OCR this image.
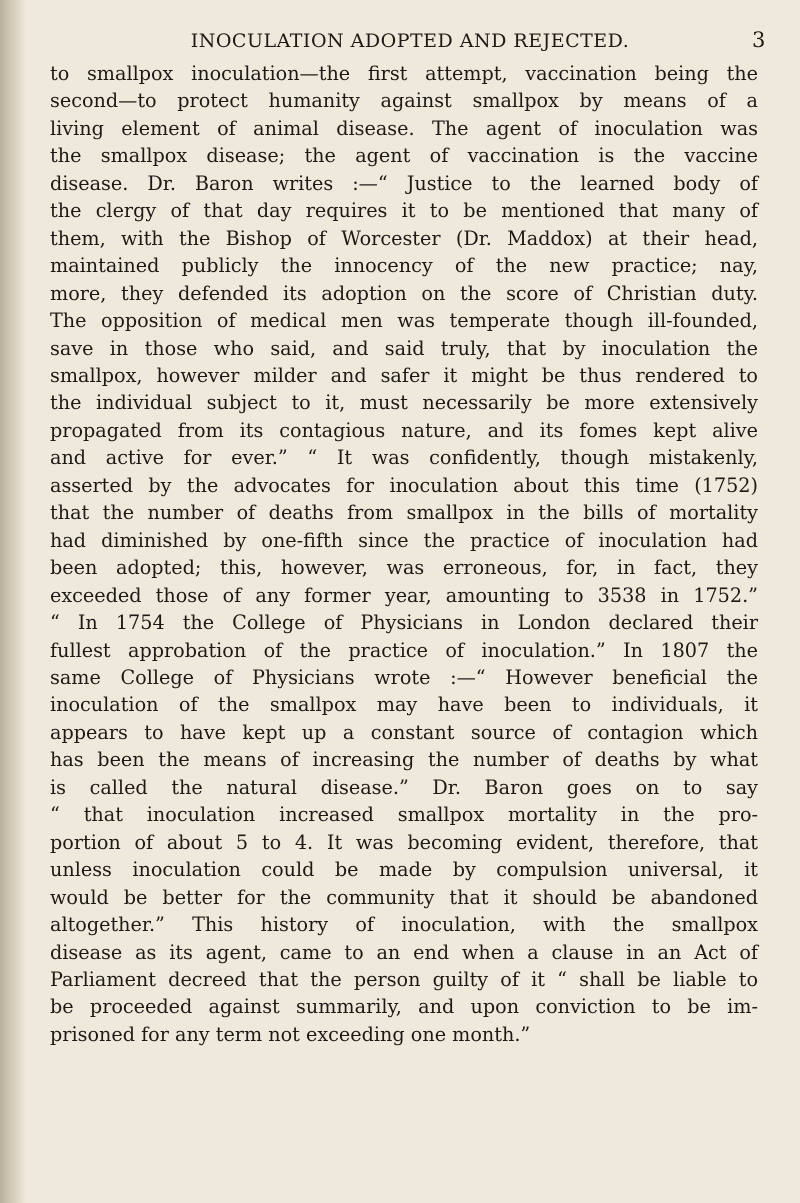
INOCULATION ADOPTED AND REJECTED.	3
to smallpox inoculation—the first attempt, vaccination being the
second—to protect humanity against smallpox by means of a
living element of animal disease. The agent of inoculation was
the smallpox disease; the agent of vaccination is the vaccine
disease. Dr. Baron writes :—“ Justice to the learned body of
the clergy of that day requires it to be mentioned that many of
them, with the Bishop of Worcester (Dr. Maddox) at their head,
maintained publicly the innocency of the new practice; nay,
more, they defended its adoption on the score of Christian duty.
The opposition of medical men was temperate though ill-founded,
save in those who said, and said truly, that by inoculation the
smallpox, however milder and safer it might be thus rendered to
the individual subject to it, must necessarily be more extensively
propagated from its contagious nature, and its fomes kept alive
and active for ever.” “ It was confidently, though mistakenly,
asserted by the advocates for inoculation about this time (1752)
that the number of deaths from smallpox in the bills of mortality
had diminished by one-fifth since the practice of inoculation had
been adopted; this, however, was erroneous, for, in fact, they
exceeded those of any former year, amounting to 3538 in 1752.”
“ In 1754 the College of Physicians in London declared their
fullest approbation of the practice of inoculation.” In 1807 the
same College of Physicians wrote :—“ However beneficial the
inoculation of the smallpox may have been to individuals, it
appears to have kept up a constant source of contagion which
has been the means of increasing the number of deaths by what
is called the natural disease.” Dr. Baron goes on to say
“ that inoculation increased smallpox mortality in the pro-
portion of about 5 to 4. It was becoming evident, therefore, that
unless inoculation could be made by compulsion universal, it
would be better for the community that it should be abandoned
altogether.” This history of inoculation, with the smallpox
disease as its agent, came to an end when a clause in an Act of
Parliament decreed that the person guilty of it “ shall be liable to
be proceeded against summarily, and upon conviction to be im-
prisoned for any term not exceeding one month.”
